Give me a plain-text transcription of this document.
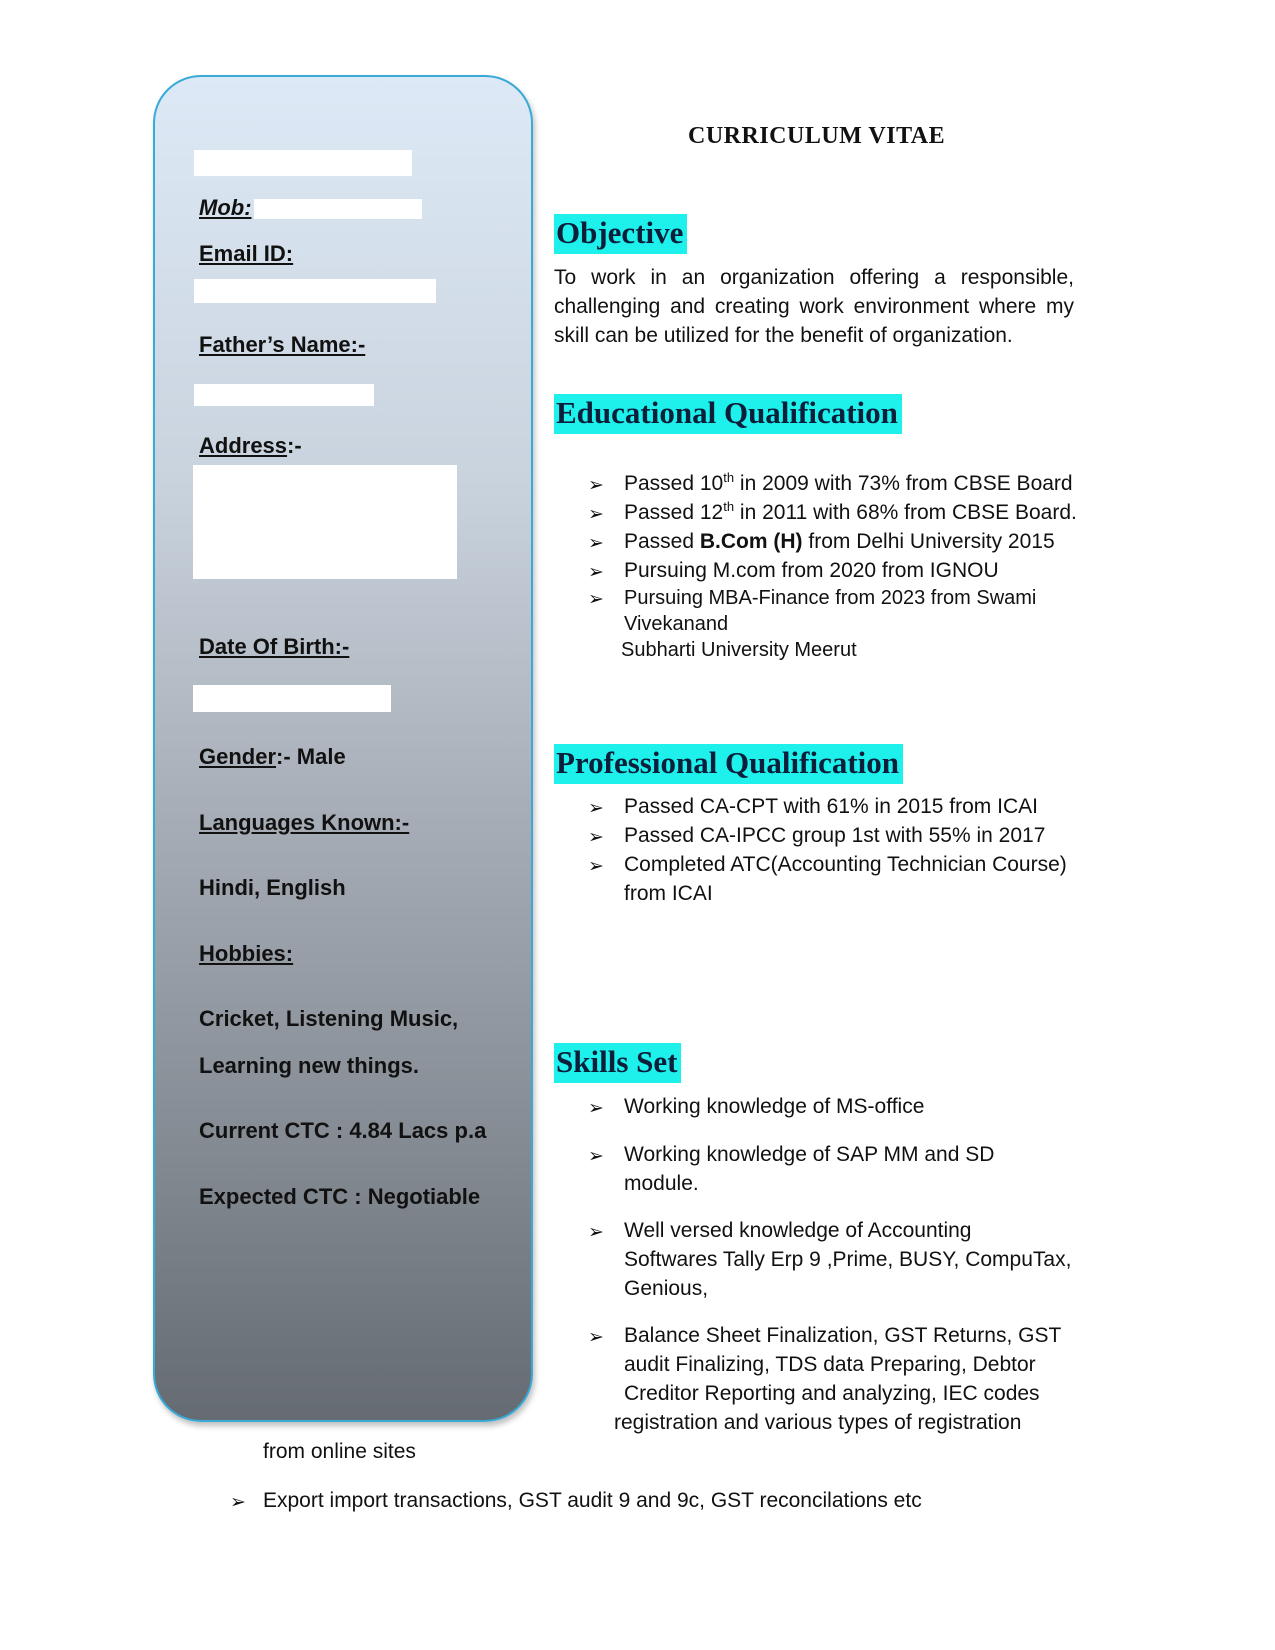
Mob:
Email ID:
Father’s Name:-
Address:-
Date Of Birth:-
Gender:- Male
Languages Known:-
Hindi, English
Hobbies:
Cricket, Listening Music,
Learning new things.
Current CTC : 4.84 Lacs p.a
Expected CTC : Negotiable
CURRICULUM VITAE
Objective
To work in an organization offering a responsible,
challenging and creating work environment where my
skill can be utilized for the benefit of organization.
Educational Qualification
➢ Passed 10th in 2009 with 73% from CBSE Board
➢ Passed 12th in 2011 with 68% from CBSE Board.
➢ Passed B.Com (H) from Delhi University 2015
➢ Pursuing M.com from 2020 from IGNOU
➢ Pursuing MBA-Finance from 2023 from Swami
Vivekanand
Subharti University Meerut
Professional Qualification
➢ Passed CA-CPT with 61% in 2015 from ICAI
➢ Passed CA-IPCC group 1st with 55% in 2017
➢ Completed ATC(Accounting Technician Course)
from ICAI
Skills Set
➢ Working knowledge of MS-office
➢ Working knowledge of SAP MM and SD
module.
➢ Well versed knowledge of Accounting
Softwares Tally Erp 9 ,Prime, BUSY, CompuTax,
Genious,
➢ Balance Sheet Finalization, GST Returns, GST
audit Finalizing, TDS data Preparing, Debtor
Creditor Reporting and analyzing, IEC codes
registration and various types of registration
from online sites
➢ Export import transactions, GST audit 9 and 9c, GST reconcilations etc
